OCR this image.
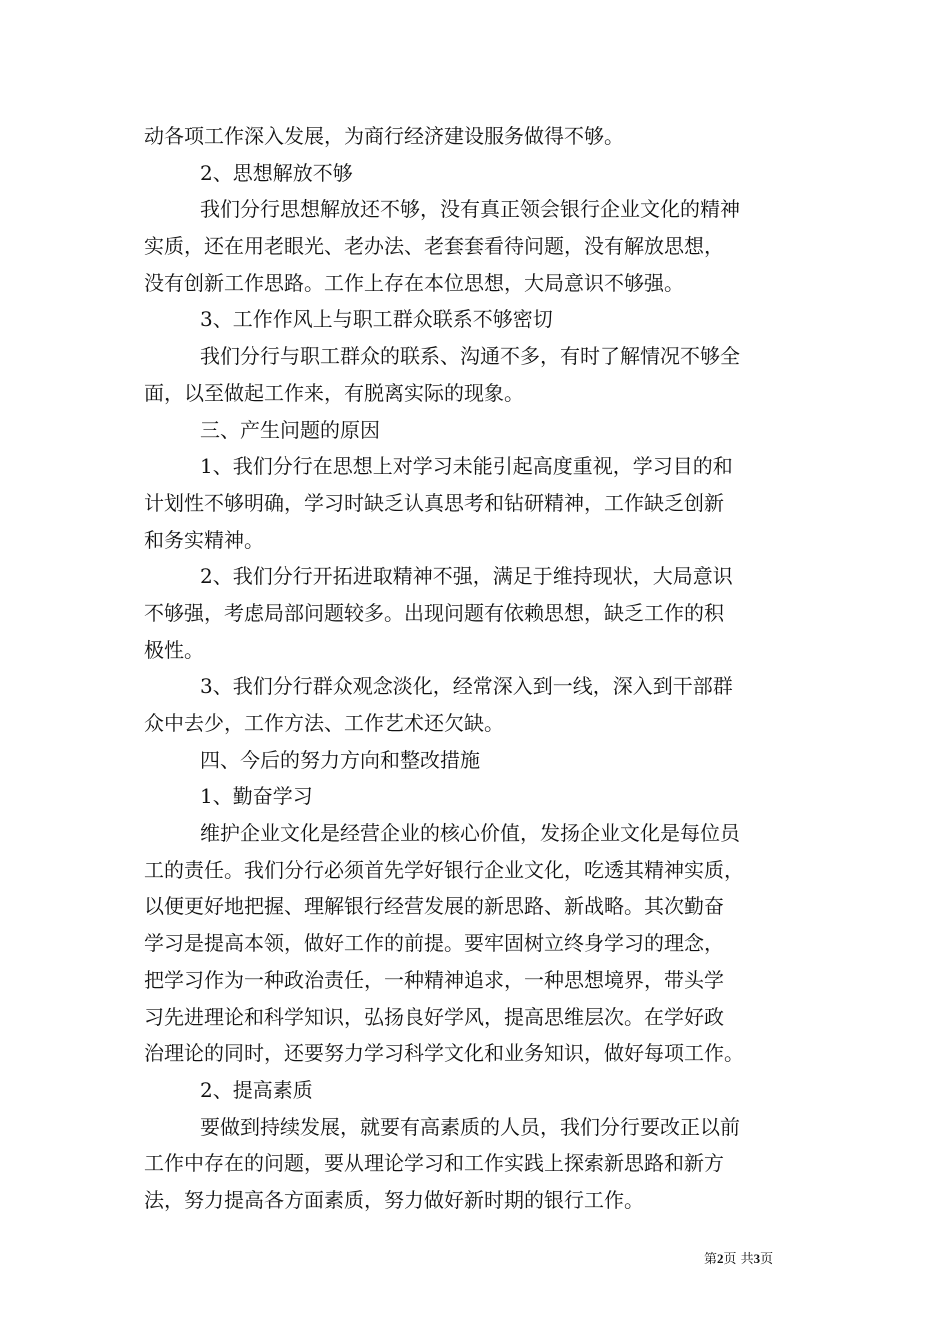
动各项工作深入发展，为商行经济建设服务做得不够。
2、思想解放不够
我们分行思想解放还不够，没有真正领会银行企业文化的精神
实质，还在用老眼光、老办法、老套套看待问题，没有解放思想，
没有创新工作思路。工作上存在本位思想，大局意识不够强。
3、工作作风上与职工群众联系不够密切
我们分行与职工群众的联系、沟通不多，有时了解情况不够全
面，以至做起工作来，有脱离实际的现象。
三、产生问题的原因
1、我们分行在思想上对学习未能引起高度重视，学习目的和
计划性不够明确，学习时缺乏认真思考和钻研精神，工作缺乏创新
和务实精神。
2、我们分行开拓进取精神不强，满足于维持现状，大局意识
不够强，考虑局部问题较多。出现问题有依赖思想，缺乏工作的积
极性。
3、我们分行群众观念淡化，经常深入到一线，深入到干部群
众中去少，工作方法、工作艺术还欠缺。
四、今后的努力方向和整改措施
1、勤奋学习
维护企业文化是经营企业的核心价值，发扬企业文化是每位员
工的责任。我们分行必须首先学好银行企业文化，吃透其精神实质，
以便更好地把握、理解银行经营发展的新思路、新战略。其次勤奋
学习是提高本领，做好工作的前提。要牢固树立终身学习的理念，
把学习作为一种政治责任，一种精神追求，一种思想境界，带头学
习先进理论和科学知识，弘扬良好学风，提高思维层次。在学好政
治理论的同时，还要努力学习科学文化和业务知识，做好每项工作。
2、提高素质
要做到持续发展，就要有高素质的人员，我们分行要改正以前
工作中存在的问题，要从理论学习和工作实践上探索新思路和新方
法，努力提高各方面素质，努力做好新时期的银行工作。
第2页 共3页
